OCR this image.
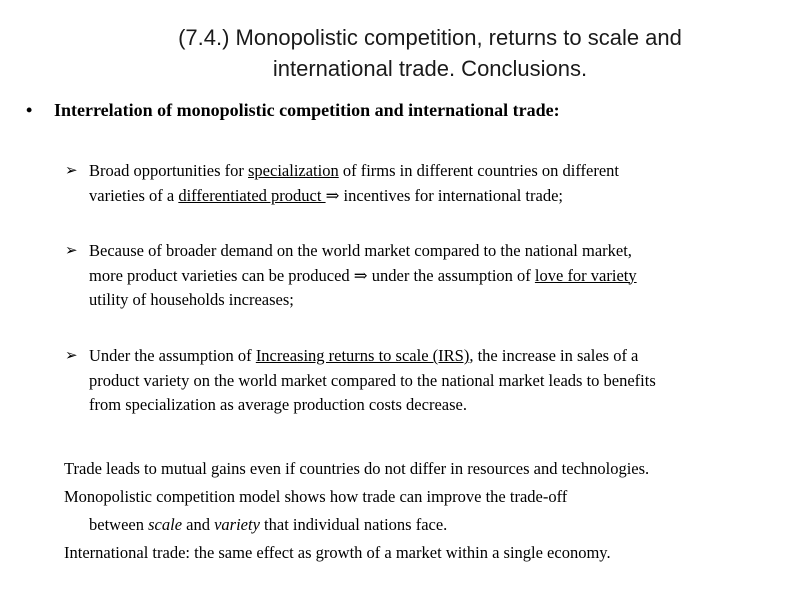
(7.4.) Monopolistic competition, returns to scale and
international trade. Conclusions.
• Interrelation of monopolistic competition and international trade:
➢ Broad opportunities for specialization of firms in different countries on different
varieties of a differentiated product ⇒ incentives for international trade;
➢ Because of broader demand on the world market compared to the national market,
more product varieties can be produced ⇒ under the assumption of love for variety
utility of households increases;
➢ Under the assumption of Increasing returns to scale (IRS), the increase in sales of a
product variety on the world market compared to the national market leads to benefits
from specialization as average production costs decrease.
Trade leads to mutual gains even if countries do not differ in resources and technologies.
Monopolistic competition model shows how trade can improve the trade-off
between scale and variety that individual nations face.
International trade: the same effect as growth of a market within a single economy.
